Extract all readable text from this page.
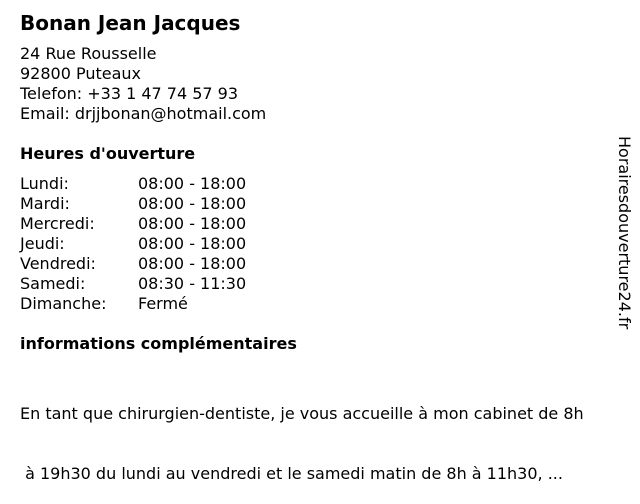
Bonan Jean Jacques
24 Rue Rousselle
92800 Puteaux
Telefon: +33 1 47 74 57 93
Email: drjjbonan@hotmail.com
Heures d'ouverture
Lundi:	08:00 - 18:00
Mardi:	08:00 - 18:00
Mercredi:	08:00 - 18:00
Jeudi:	08:00 - 18:00
Vendredi:	08:00 - 18:00
Samedi:	08:30 - 11:30
Dimanche: Fermé
informations complémentaires

En tant que chirurgien-dentiste, je vous accueille à mon cabinet de 8h

à 19h30 du lundi au vendredi et le samedi matin de 8h à 11h30, ...

Horairesdouverture24.fr
